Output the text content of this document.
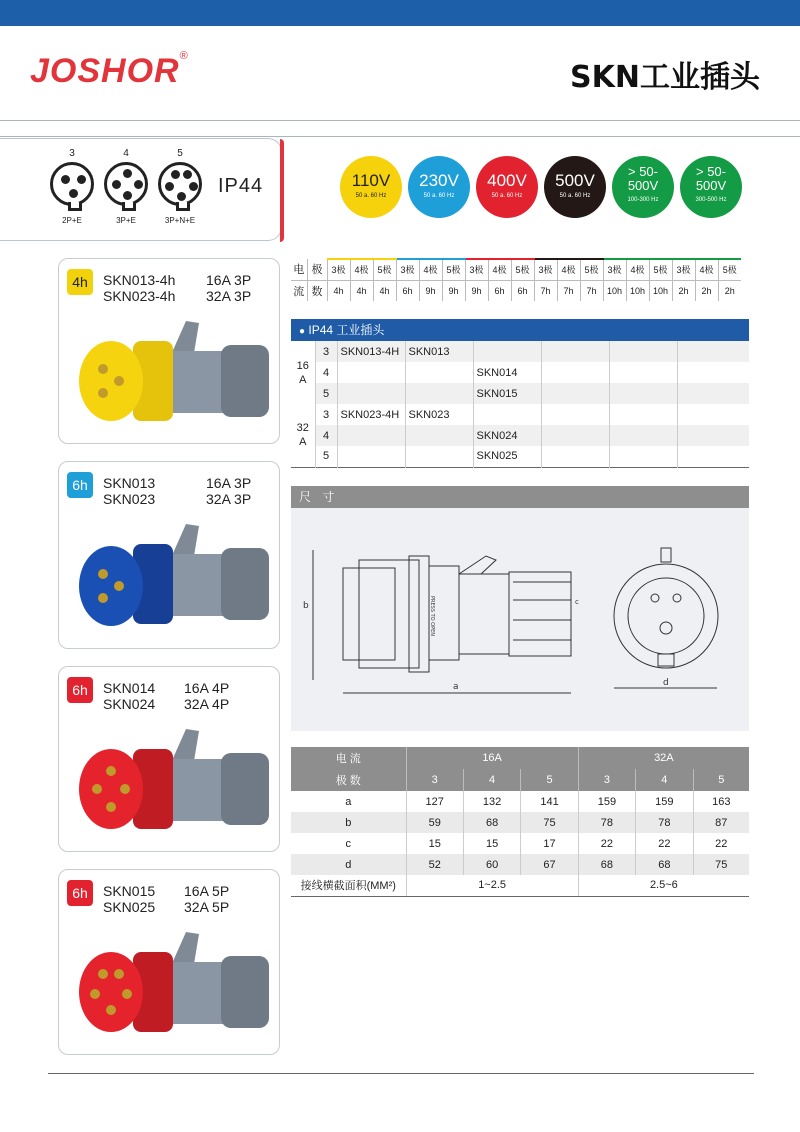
JOSHOR®
SKN工业插头
3
2P+E
4
3P+E
5
3P+N+E
IP44	110V
50 a. 60 Hz
230V
50 a. 60 Hz
400V
50 a. 60 Hz
500V
50 a. 60 Hz
> 50-
500V
100-300 Hz
> 50-
500V
300-500 Hz
4h	SKN013-4h
SKN023-4h
16A 3P
32A 3P
6h	SKN013
SKN023
16A 3P
32A 3P
6h	SKN014
SKN024
16A 4P
32A 4P
6h	SKN015
SKN025
16A 5P
32A 5P
电	极	3极	4极	5极	3极	4极	5极	3极	4极	5极	3极	4极	5极	3极	4极	5极	3极	4极	5极
流	数	4h	4h	4h	6h	9h	9h	9h	6h	6h	7h	7h	7h	10h	10h	10h	2h	2h	2h
● IP44 工业插头
16
A	3	SKN013-4H	SKN013				
	4			SKN014			
	5			SKN015			
32
A	3	SKN023-4H	SKN023				
	4			SKN024			
	5			SKN025			
尺 寸
b
a	d
c
PRESS TO OPEN
电 流	16A			32A		
极 数	3	4	5	3	4	5
a	127	132	141	159	159	163
b	59	68	75	78	78	87
c	15	15	17	22	22	22
d	52	60	67	68	68	75
接线横截面积(MM²)	1~2.5			2.5~6		
